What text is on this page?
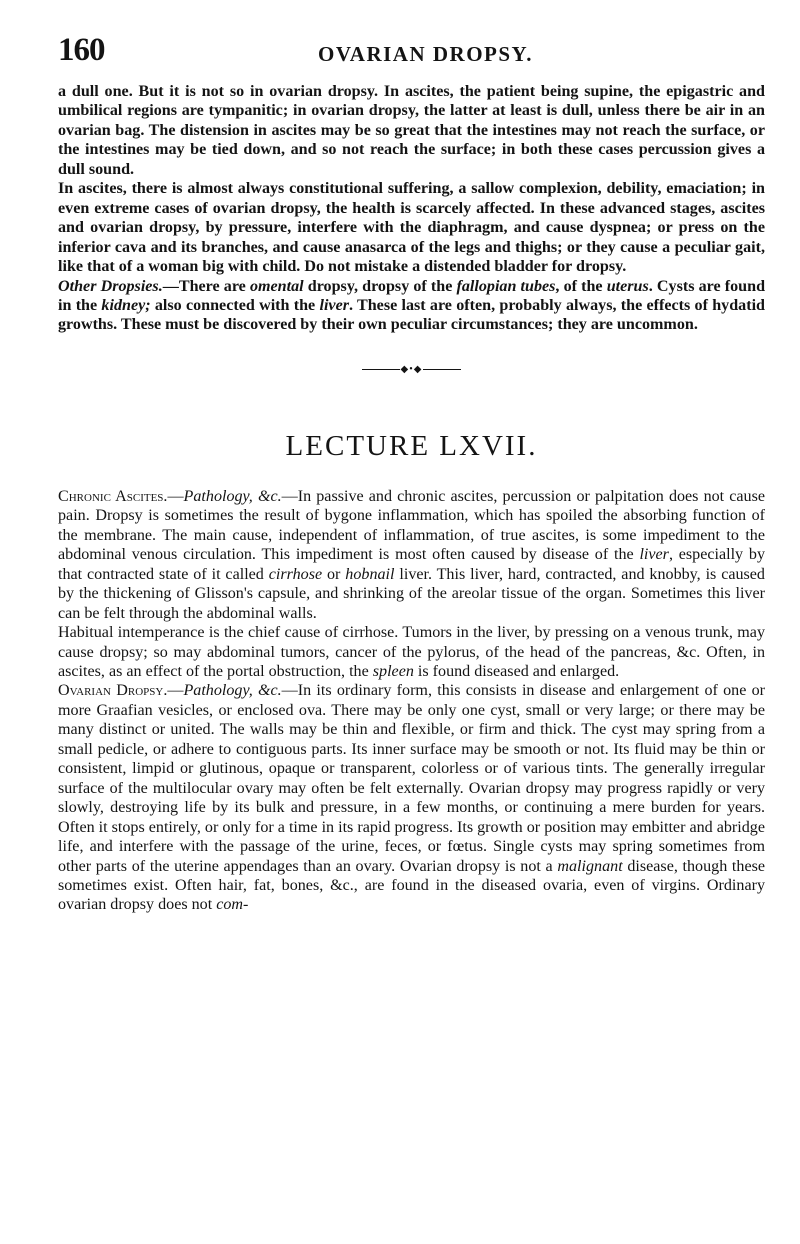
160	OVARIAN DROPSY.

a dull one. But it is not so in ovarian dropsy. In ascites, the patient being supine, the epigastric and umbilical regions are tympanitic; in ovarian dropsy, the latter at least is dull, unless there be air in an ovarian bag. The distension in ascites may be so great that the intestines may not reach the surface, or the intestines may be tied down, and so not reach the surface; in both these cases percussion gives a dull sound.

In ascites, there is almost always constitutional suffering, a sallow complexion, debility, emaciation; in even extreme cases of ovarian dropsy, the health is scarcely affected. In these advanced stages, ascites and ovarian dropsy, by pressure, interfere with the diaphragm, and cause dyspnea; or press on the inferior cava and its branches, and cause anasarca of the legs and thighs; or they cause a peculiar gait, like that of a woman big with child. Do not mistake a distended bladder for dropsy.

Other Dropsies.—There are omental dropsy, dropsy of the fallopian tubes, of the uterus. Cysts are found in the kidney; also connected with the liver. These last are often, probably always, the effects of hydatid growths. These must be discovered by their own peculiar circumstances; they are uncommon.

◆•◆
LECTURE LXVII.

Chronic Ascites.—Pathology, &c.—In passive and chronic ascites, percussion or palpitation does not cause pain. Dropsy is sometimes the result of bygone inflammation, which has spoiled the absorbing function of the membrane. The main cause, independent of inflammation, of true ascites, is some impediment to the abdominal venous circulation. This impediment is most often caused by disease of the liver, especially by that contracted state of it called cirrhose or hobnail liver. This liver, hard, contracted, and knobby, is caused by the thickening of Glisson's capsule, and shrinking of the areolar tissue of the organ. Sometimes this liver can be felt through the abdominal walls.

Habitual intemperance is the chief cause of cirrhose. Tumors in the liver, by pressing on a venous trunk, may cause dropsy; so may abdominal tumors, cancer of the pylorus, of the head of the pancreas, &c. Often, in ascites, as an effect of the portal obstruction, the spleen is found diseased and enlarged.

Ovarian Dropsy.—Pathology, &c.—In its ordinary form, this consists in disease and enlargement of one or more Graafian vesicles, or enclosed ova. There may be only one cyst, small or very large; or there may be many distinct or united. The walls may be thin and flexible, or firm and thick. The cyst may spring from a small pedicle, or adhere to contiguous parts. Its inner surface may be smooth or not. Its fluid may be thin or consistent, limpid or glutinous, opaque or transparent, colorless or of various tints. The generally irregular surface of the multilocular ovary may often be felt externally. Ovarian dropsy may progress rapidly or very slowly, destroying life by its bulk and pressure, in a few months, or continuing a mere burden for years. Often it stops entirely, or only for a time in its rapid progress. Its growth or position may embitter and abridge life, and interfere with the passage of the urine, feces, or fœtus. Single cysts may spring sometimes from other parts of the uterine appendages than an ovary. Ovarian dropsy is not a malignant disease, though these sometimes exist. Often hair, fat, bones, &c., are found in the diseased ovaria, even of virgins. Ordinary ovarian dropsy does not com-
